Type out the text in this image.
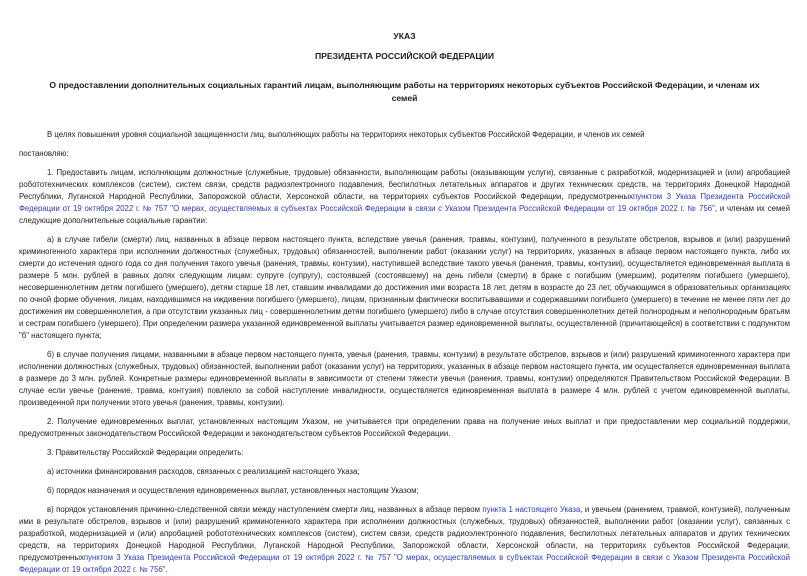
УКАЗ

ПРЕЗИДЕНТА РОССИЙСКОЙ ФЕДЕРАЦИИ

О предоставлении дополнительных социальных гарантий лицам, выполняющим работы на территориях некоторых субъектов Российской Федерации, и членам их семей

В целях повышения уровня социальной защищенности лиц, выполняющих работы на территориях некоторых субъектов Российской Федерации, и членов их семей

постановляю:

1. Предоставить лицам, исполняющим должностные (служебные, трудовые) обязанности, выполняющим работы (оказывающим услуги), связанные с разработкой, модернизацией и (или) апробацией робототехнических комплексов (систем), систем связи, средств радиоэлектронного подавления, беспилотных летательных аппаратов и других технических средств, на территориях Донецкой Народной Республики, Луганской Народной Республики, Запорожской области, Херсонской области, на территориях субъектов Российской Федерации, предусмотренныхпунктом 3 Указа Президента Российской Федерации от 19 октября 2022 г. № 757 "О мерах, осуществляемых в субъектах Российской Федерации в связи с Указом Президента Российской Федерации от 19 октября 2022 г. № 756", и членам их семей следующие дополнительные социальные гарантии:

а) в случае гибели (смерти) лиц, названных в абзаце первом настоящего пункта, вследствие увечья (ранения, травмы, контузии), полученного в результате обстрелов, взрывов и (или) разрушений криминогенного характера при исполнении должностных (служебных, трудовых) обязанностей, выполнении работ (оказании услуг) на территориях, указанных в абзаце первом настоящего пункта, либо их смерти до истечения одного года со дня получения такого увечья (ранения, травмы, контузии), наступившей вследствие такого увечья (ранения, травмы, контузии), осуществляется единовременная выплата в размере 5 млн. рублей в равных долях следующим лицам: супруге (супругу), состоявшей (состоявшему) на день гибели (смерти) в браке с погибшим (умершим), родителям погибшего (умершего), несовершеннолетним детям погибшего (умершего), детям старше 18 лет, ставшим инвалидами до достижения ими возраста 18 лет, детям в возрасте до 23 лет, обучающимся в образовательных организациях по очной форме обучения, лицам, находившимся на иждивении погибшего (умершего), лицам, признанным фактически воспитывавшими и содержавшими погибшего (умершего) в течение не менее пяти лет до достижения им совершеннолетия, а при отсутствии указанных лиц - совершеннолетним детям погибшего (умершего) либо в случае отсутствия совершеннолетних детей полнородным и неполнородным братьям и сестрам погибшего (умершего). При определении размера указанной единовременной выплаты учитывается размер единовременной выплаты, осуществленной (причитающейся) в соответствии с подпунктом "б" настоящего пункта;

б) в случае получения лицами, названными в абзаце первом настоящего пункта, увечья (ранения, травмы, контузии) в результате обстрелов, взрывов и (или) разрушений криминогенного характера при исполнении должностных (служебных, трудовых) обязанностей, выполнении работ (оказании услуг) на территориях, указанных в абзаце первом настоящего пункта, им осуществляется единовременная выплата в размере до 3 млн. рублей. Конкретные размеры единовременной выплаты в зависимости от степени тяжести увечья (ранения, травмы, контузии) определяются Правительством Российской Федерации. В случае если увечье (ранение, травма, контузия) повлекло за собой наступление инвалидности, осуществляется единовременная выплата в размере 4 млн. рублей с учетом единовременной выплаты, произведенной при получении этого увечья (ранения, травмы, контузии).

2. Получение единовременных выплат, установленных настоящим Указом, не учитывается при определении права на получение иных выплат и при предоставлении мер социальной поддержки, предусмотренных законодательством Российской Федерации и законодательством субъектов Российской Федерации.

3. Правительству Российской Федерации определить:

а) источники финансирования расходов, связанных с реализацией настоящего Указа;

б) порядок назначения и осуществления единовременных выплат, установленных настоящим Указом;

в) порядок установления причинно-следственной связи между наступлением смерти лиц, названных в абзаце первом пункта 1 настоящего Указа, и увечьем (ранением, травмой, контузией), полученным ими в результате обстрелов, взрывов и (или) разрушений криминогенного характера при исполнении должностных (служебных, трудовых) обязанностей, выполнении работ (оказании услуг), связанных с разработкой, модернизацией и (или) апробацией робототехнических комплексов (систем), систем связи, средств радиоэлектронного подавления, беспилотных летательных аппаратов и других технических средств, на территориях Донецкой Народной Республики, Луганской Народной Республики, Запорожской области, Херсонской области, на территориях субъектов Российской Федерации, предусмотренныхпунктом 3 Указа Президента Российской Федерации от 19 октября 2022 г. № 757 "О мерах, осуществляемых в субъектах Российской Федерации в связи с Указом Президента Российской Федерации от 19 октября 2022 г. № 756".
